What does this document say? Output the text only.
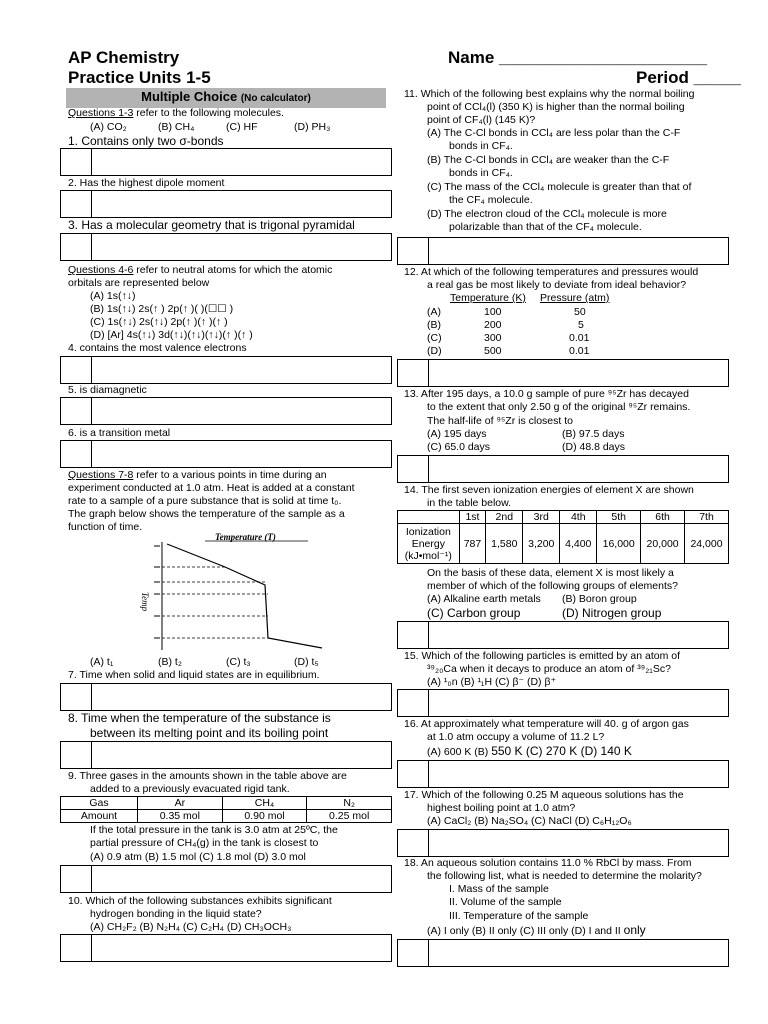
AP Chemistry
Practice Units 1-5
Name ______________________
Period _____
Multiple Choice (No calculator)
Questions 1-3 refer to the following molecules.
(A) CO₂	(B) CH₄	(C) HF	(D) PH₃
1. Contains only two σ-bonds
2. Has the highest dipole moment
3. Has a molecular geometry that is trigonal pyramidal
Questions 4-6 refer to neutral atoms for which the atomic
orbitals are represented below
(A) 1s(↑↓)
(B) 1s(↑↓) 2s(↑ ) 2p(↑ )( )(☐☐ )
(C) 1s(↑↓) 2s(↑↓) 2p(↑ )(↑ )(↑ )
(D) [Ar] 4s(↑↓) 3d(↑↓)(↑↓)(↑↓)(↑ )(↑ )
4. contains the most valence electrons
5. is diamagnetic
6. is a transition metal
Questions 7-8 refer to a various points in time during an
experiment conducted at 1.0 atm. Heat is added at a constant
rate to a sample of a pure substance that is solid at time t₀.
The graph below shows the temperature of the sample as a
function of time.
Temperature (T)
Temp
(A) t₁	(B) t₂	(C) t₃	(D) t₅
7. Time when solid and liquid states are in equilibrium.
8. Time when the temperature of the substance is
between its melting point and its boiling point
9. Three gases in the amounts shown in the table above are
added to a previously evacuated rigid tank.
Gas	Ar	CH₄	N₂
Amount	0.35 mol	0.90 mol	0.25 mol
If the total pressure in the tank is 3.0 atm at 25ºC, the
partial pressure of CH₄(g) in the tank is closest to
(A) 0.9 atm (B) 1.5 mol (C) 1.8 mol (D) 3.0 mol
10. Which of the following substances exhibits significant
hydrogen bonding in the liquid state?
(A) CH₂F₂ (B) N₂H₄ (C) C₂H₄ (D) CH₃OCH₃
11. Which of the following best explains why the normal boiling
point of CCl₄(l) (350 K) is higher than the normal boiling
point of CF₄(l) (145 K)?
(A) The C-Cl bonds in CCl₄ are less polar than the C-F
bonds in CF₄.
(B) The C-Cl bonds in CCl₄ are weaker than the C-F
bonds in CF₄.
(C) The mass of the CCl₄ molecule is greater than that of
the CF₄ molecule.
(D) The electron cloud of the CCl₄ molecule is more
polarizable than that of the CF₄ molecule.
12. At which of the following temperatures and pressures would
a real gas be most likely to deviate from ideal behavior?
Temperature (K) Pressure (atm)
(A)	100	50
(B)	200	5
(C)	300	0.01
(D)	500	0.01
13. After 195 days, a 10.0 g sample of pure ⁹⁵Zr has decayed
to the extent that only 2.50 g of the original ⁹⁵Zr remains.
The half-life of ⁹⁵Zr is closest to
(A) 195 days	(B) 97.5 days
(C) 65.0 days	(D) 48.8 days
14. The first seven ionization energies of element X are shown
in the table below.
	1st	2nd	3rd	4th	5th	6th	7th

Ionization
Energy
(kJ•mol⁻¹)	787	1,580	3,200	4,400	16,000	20,000	24,000
On the basis of these data, element X is most likely a
member of which of the following groups of elements?
(A) Alkaline earth metals (B) Boron group
(C) Carbon group	(D) Nitrogen group
15. Which of the following particles is emitted by an atom of
³⁹₂₀Ca when it decays to produce an atom of ³⁹₂₁Sc?
(A) ¹₀n (B) ¹₁H (C) β⁻ (D) β⁺
16. At approximately what temperature will 40. g of argon gas
at 1.0 atm occupy a volume of 11.2 L?
(A) 600 K (B) 550 K (C) 270 K (D) 140 K
17. Which of the following 0.25 M aqueous solutions has the
highest boiling point at 1.0 atm?
(A) CaCl₂ (B) Na₂SO₄ (C) NaCl (D) C₆H₁₂O₆
18. An aqueous solution contains 11.0 % RbCl by mass. From
the following list, what is needed to determine the molarity?
I. Mass of the sample
II. Volume of the sample
III. Temperature of the sample
(A) I only (B) II only (C) III only (D) I and II only
